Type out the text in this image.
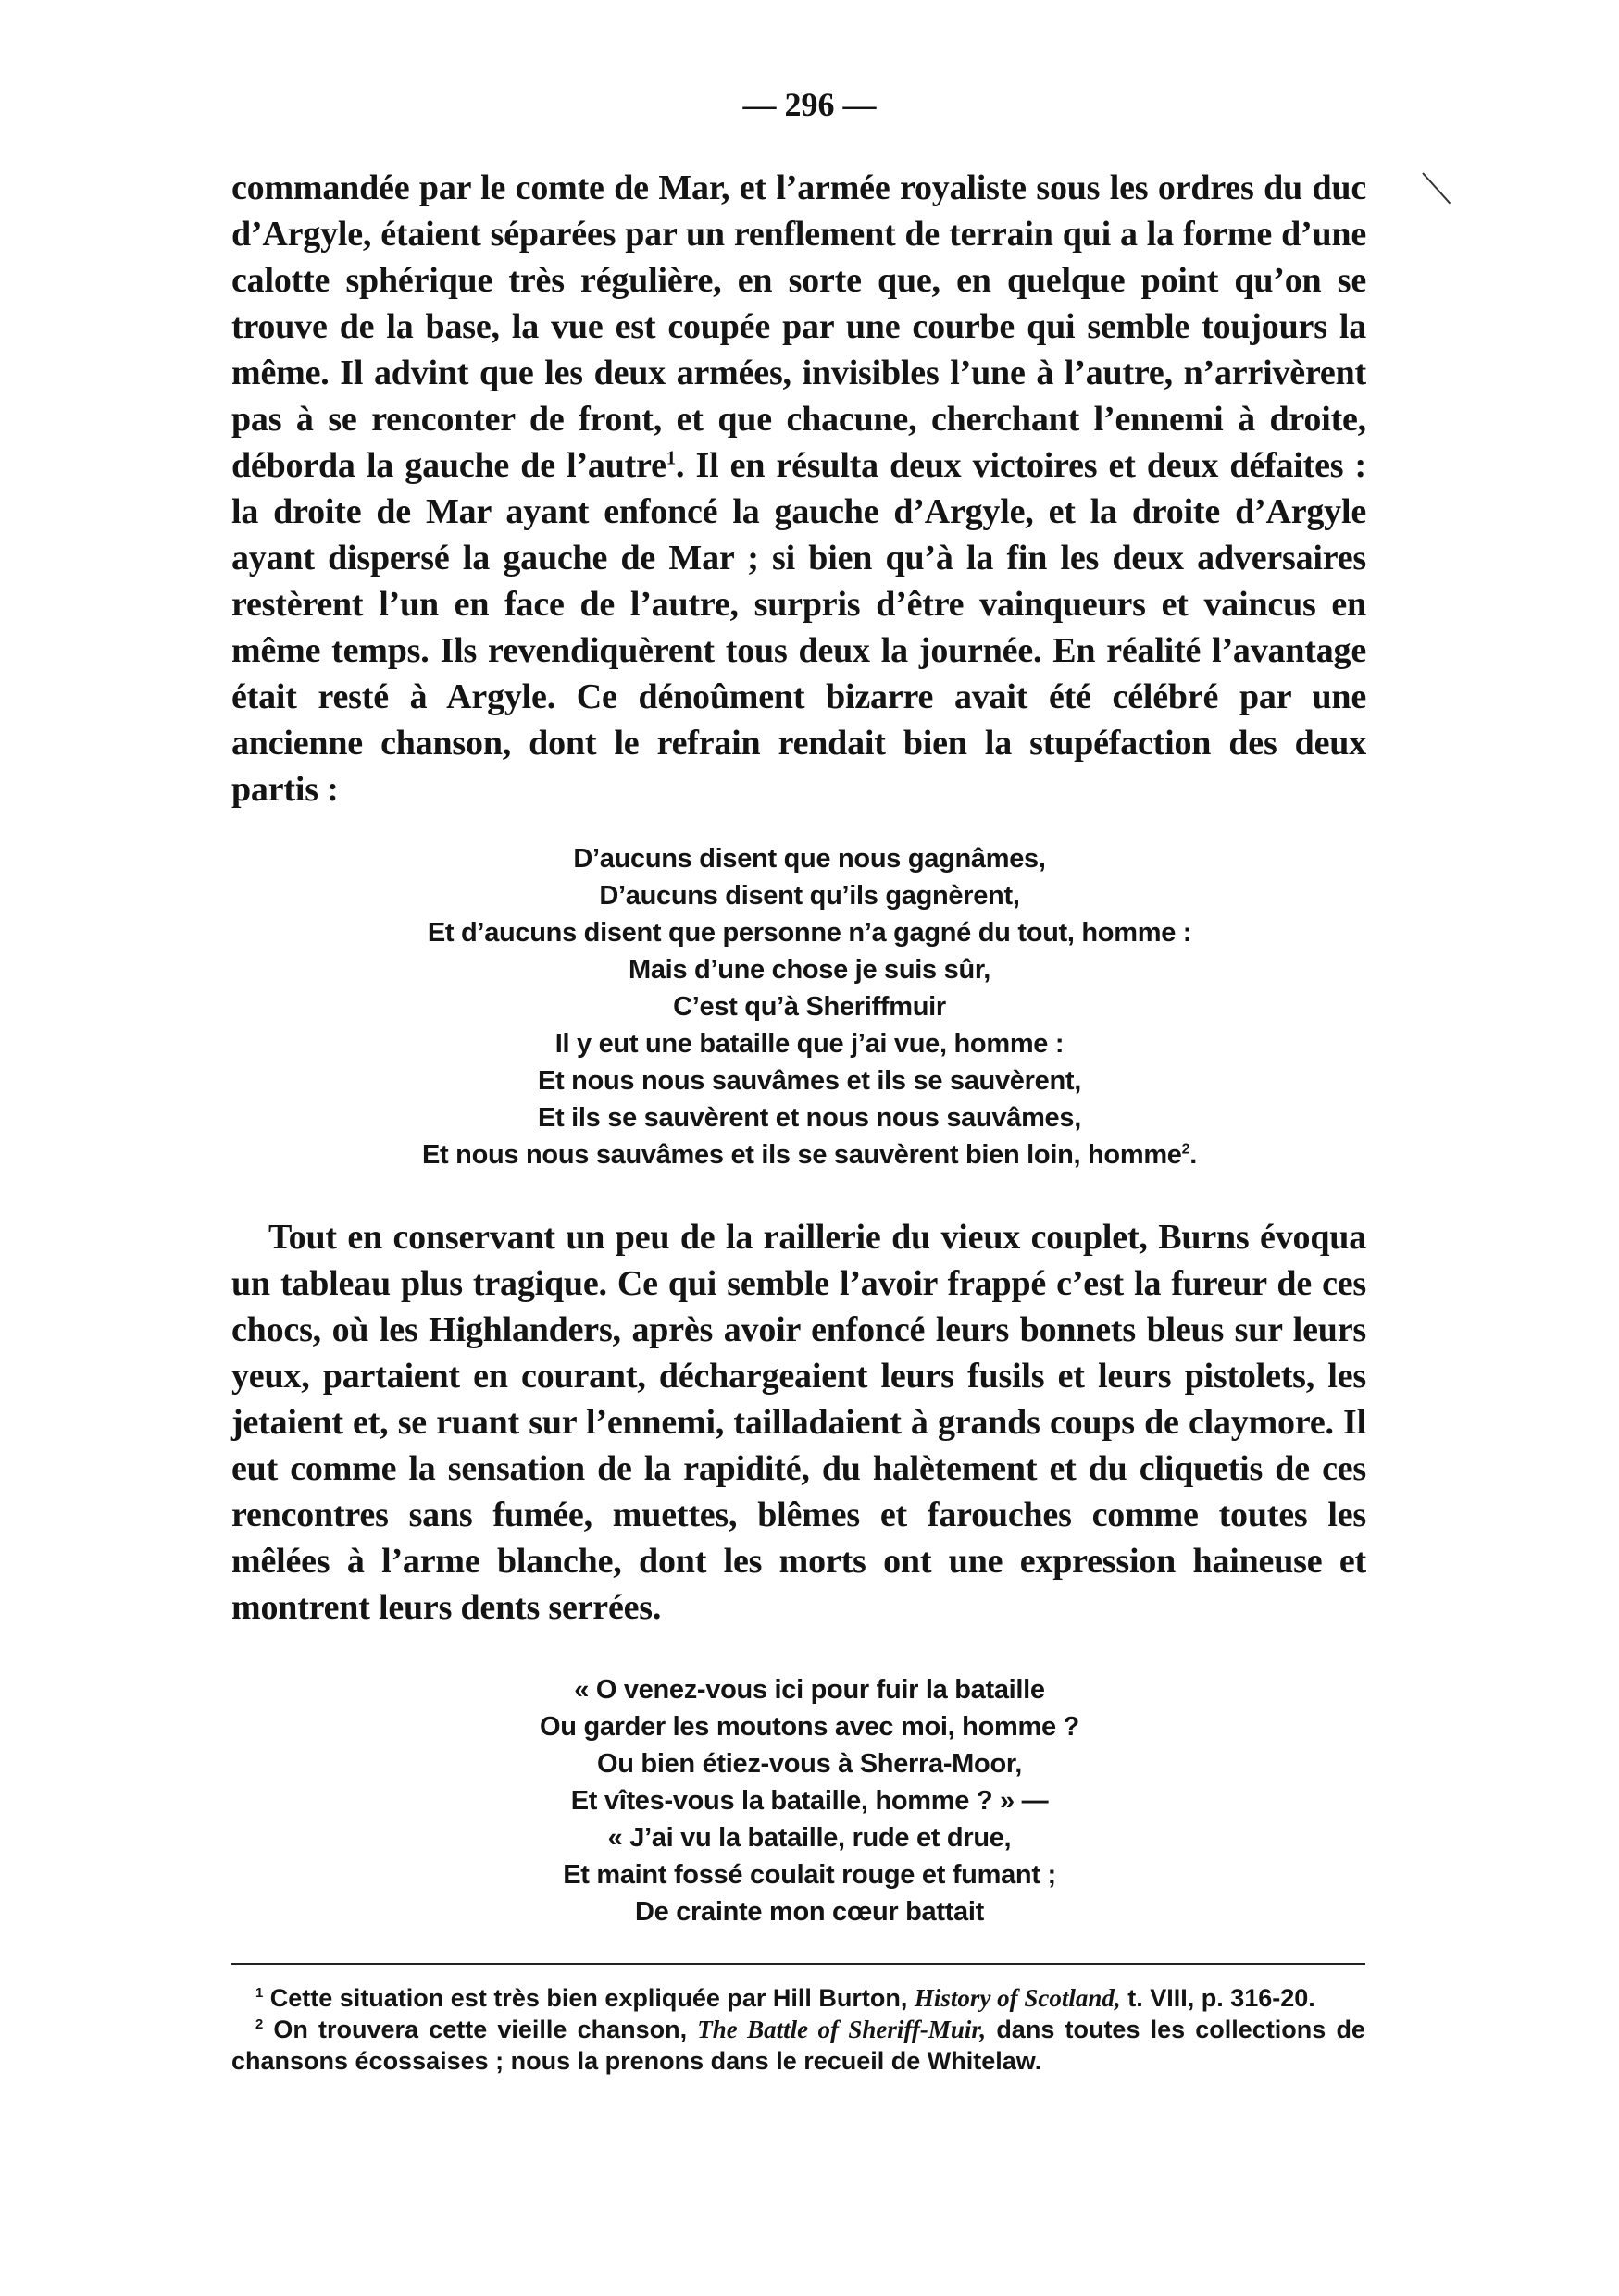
— 296 —

commandée par le comte de Mar, et l’armée royaliste sous les ordres du duc d’Argyle, étaient séparées par un renflement de terrain qui a la forme d’une calotte sphérique très régulière, en sorte que, en quelque point qu’on se trouve de la base, la vue est coupée par une courbe qui semble toujours la même. Il advint que les deux armées, invisibles l’une à l’autre, n’arrivèrent pas à se renconter de front, et que chacune, cherchant l’ennemi à droite, déborda la gauche de l’autre$^1$. Il en résulta deux victoires et deux défaites : la droite de Mar ayant enfoncé la gauche d’Argyle, et la droite d’Argyle ayant dispersé la gauche de Mar ; si bien qu’à la fin les deux adversaires restèrent l’un en face de l’autre, surpris d’être vainqueurs et vaincus en même temps. Ils revendiquèrent tous deux la journée. En réalité l’avantage était resté à Argyle. Ce dénoûment bizarre avait été célébré par une ancienne chanson, dont le refrain rendait bien la stupéfaction des deux partis :

D’aucuns disent que nous gagnâmes,
D’aucuns disent qu’ils gagnèrent,
Et d’aucuns disent que personne n’a gagné du tout, homme :
Mais d’une chose je suis sûr,
C’est qu’à Sheriffmuir
Il y eut une bataille que j’ai vue, homme :
Et nous nous sauvâmes et ils se sauvèrent,
Et ils se sauvèrent et nous nous sauvâmes,
Et nous nous sauvâmes et ils se sauvèrent bien loin, homme$^2$.

Tout en conservant un peu de la raillerie du vieux couplet, Burns évoqua un tableau plus tragique. Ce qui semble l’avoir frappé c’est la fureur de ces chocs, où les Highlanders, après avoir enfoncé leurs bonnets bleus sur leurs yeux, partaient en courant, déchargeaient leurs fusils et leurs pistolets, les jetaient et, se ruant sur l’ennemi, tailladaient à grands coups de claymore. Il eut comme la sensation de la rapidité, du halètement et du cliquetis de ces rencontres sans fumée, muettes, blêmes et farouches comme toutes les mêlées à l’arme blanche, dont les morts ont une expression haineuse et montrent leurs dents serrées.

« O venez-vous ici pour fuir la bataille
Ou garder les moutons avec moi, homme ?
Ou bien étiez-vous à Sherra-Moor,
Et vîtes-vous la bataille, homme ? » —
« J’ai vu la bataille, rude et drue,
Et maint fossé coulait rouge et fumant ;
De crainte mon cœur battait

$^1$ Cette situation est très bien expliquée par Hill Burton, History of Scotland, t. VIII, p. 316-20.

$^2$ On trouvera cette vieille chanson, The Battle of Sheriff-Muir, dans toutes les collections de chansons écossaises ; nous la prenons dans le recueil de Whitelaw.
